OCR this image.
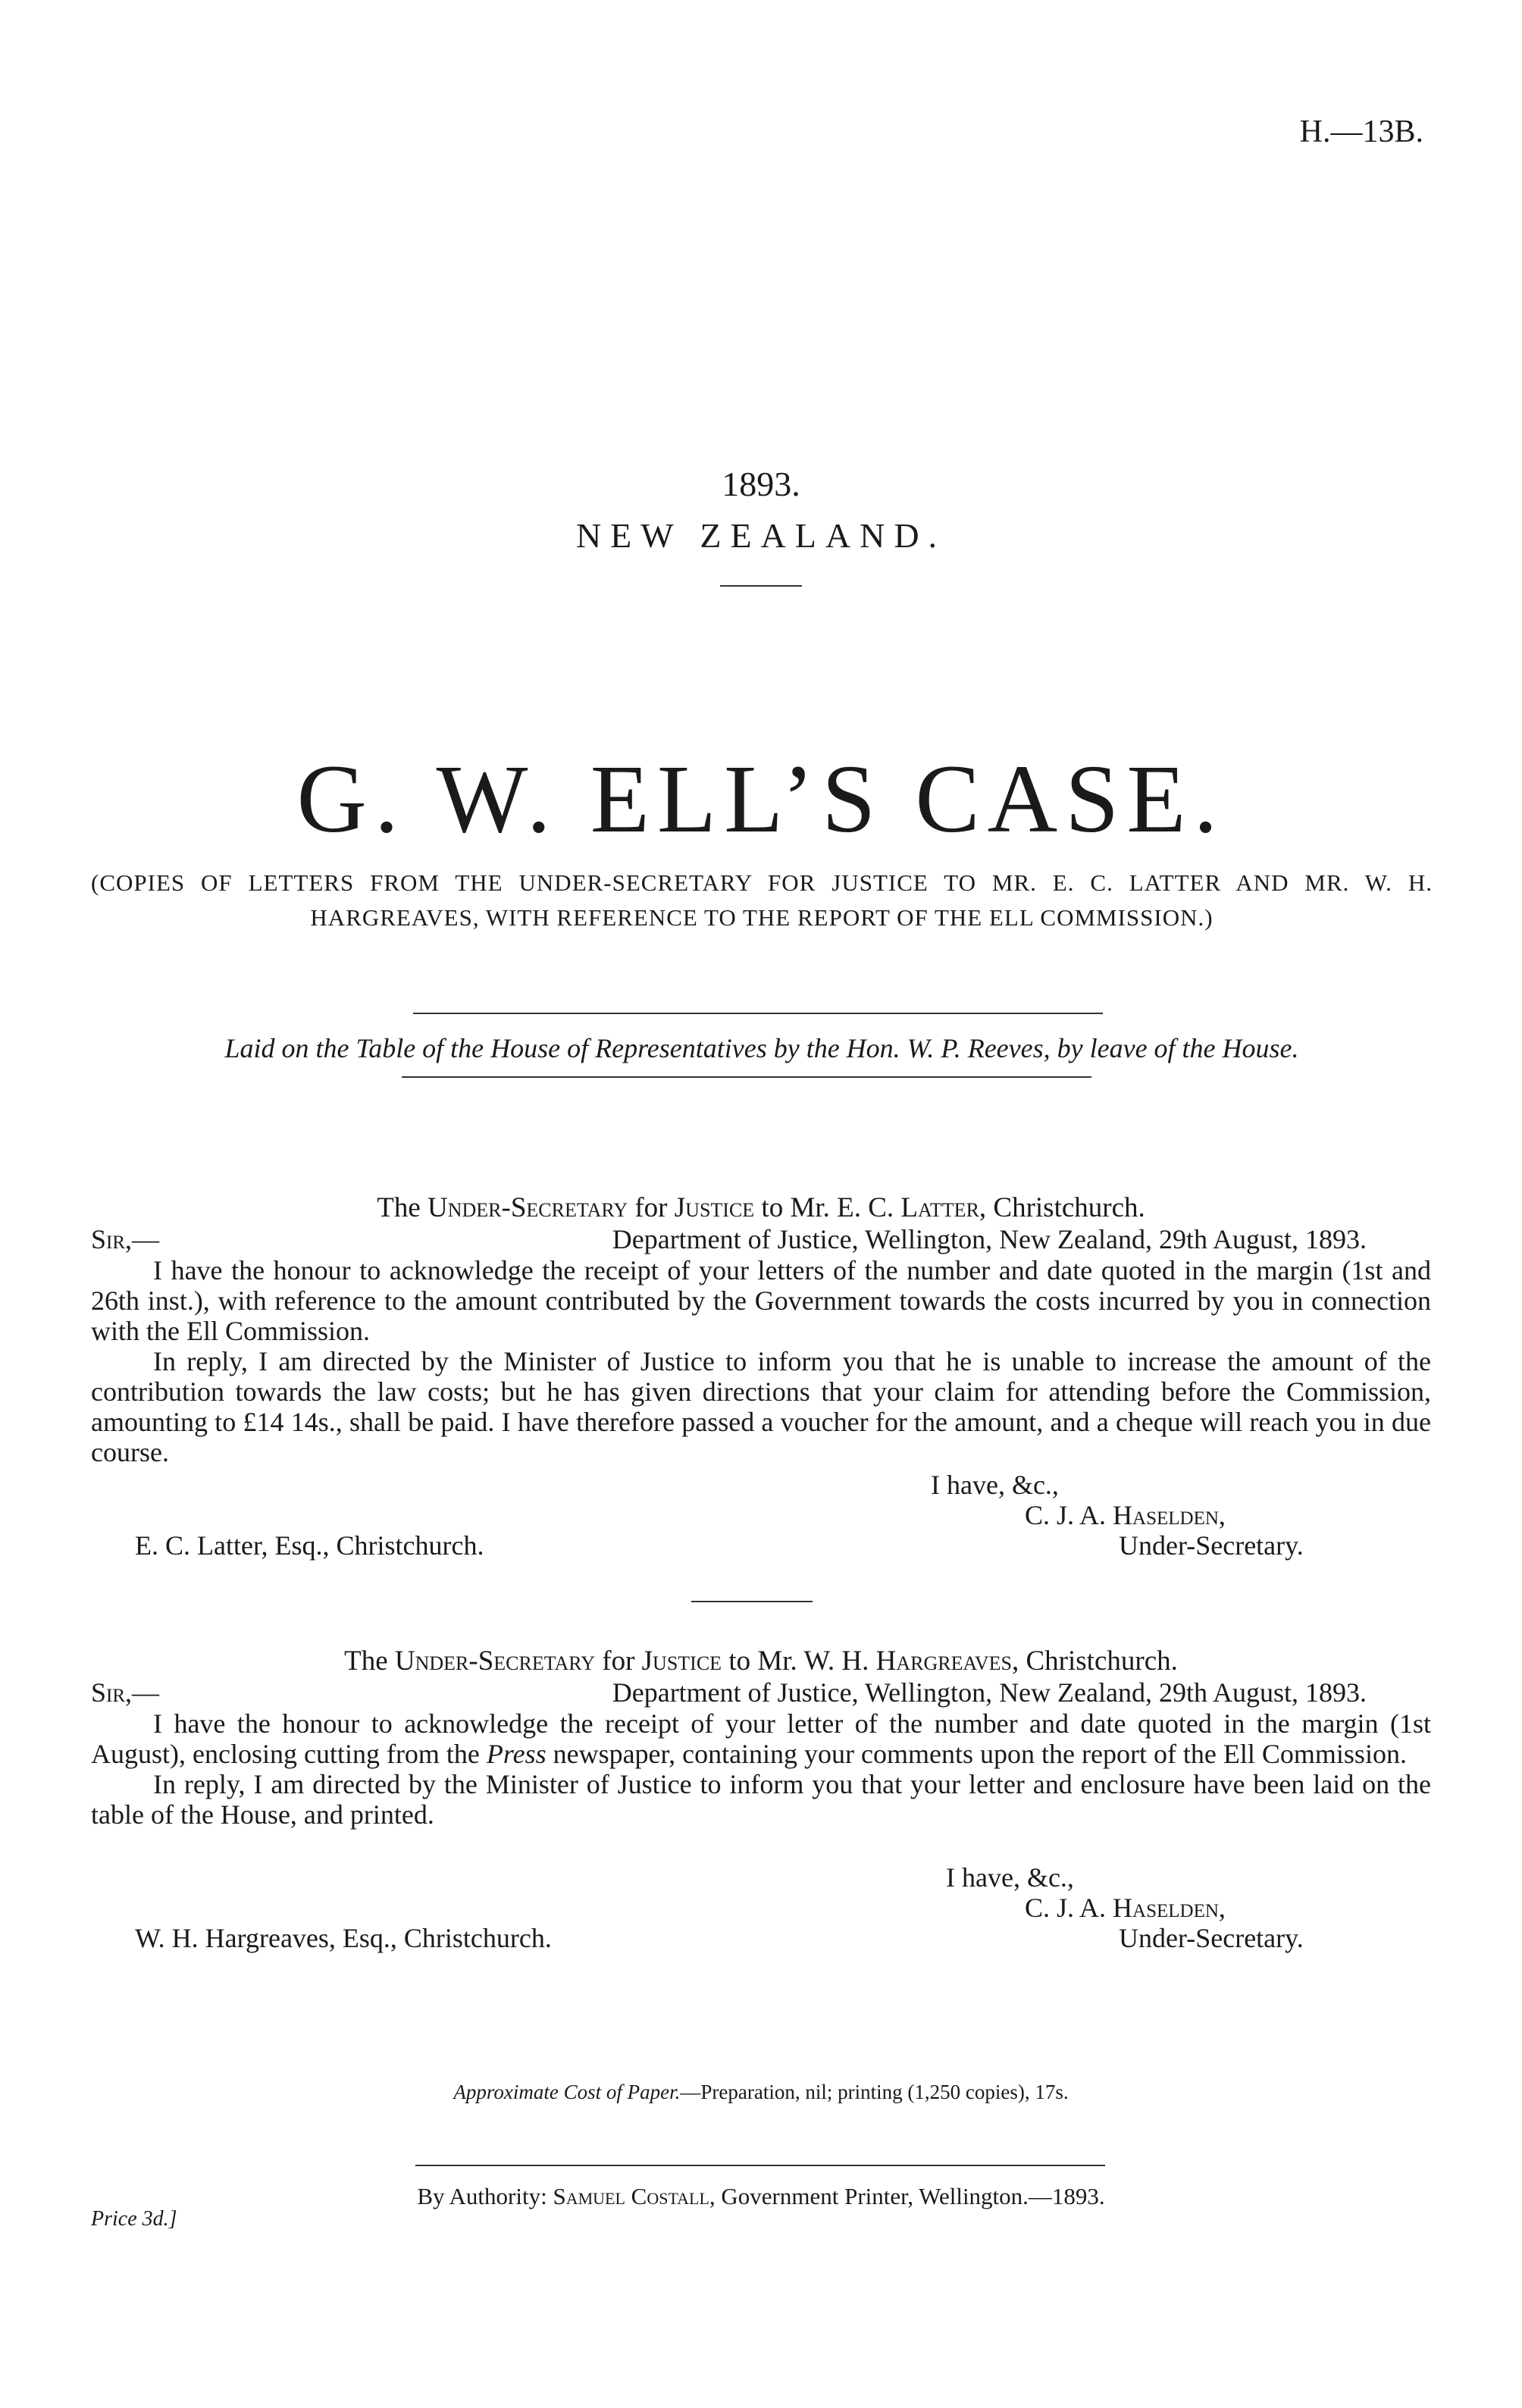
H.—13B.
1893.
NEW ZEALAND.
G. W. ELL’S CASE.
(COPIES OF LETTERS FROM THE UNDER-SECRETARY FOR JUSTICE TO MR. E. C. LATTER AND MR. W. H. HARGREAVES, WITH REFERENCE TO THE REPORT OF THE ELL COMMISSION.)
Laid on the Table of the House of Representatives by the Hon. W. P. Reeves, by leave of the House.
The Under-Secretary for Justice to Mr. E. C. Latter, Christchurch.
Sir,—	Department of Justice, Wellington, New Zealand, 29th August, 1893.

I have the honour to acknowledge the receipt of your letters of the number and date quoted in the margin (1st and 26th inst.), with reference to the amount contributed by the Government towards the costs incurred by you in connection with the Ell Commission.

In reply, I am directed by the Minister of Justice to inform you that he is unable to increase the amount of the contribution towards the law costs; but he has given directions that your claim for attending before the Commission, amounting to £14 14s., shall be paid. I have therefore passed a voucher for the amount, and a cheque will reach you in due course.

I have, &c.,
C. J. A. Haselden,
E. C. Latter, Esq., Christchurch.	Under-Secretary.
The Under-Secretary for Justice to Mr. W. H. Hargreaves, Christchurch.
Sir,—	Department of Justice, Wellington, New Zealand, 29th August, 1893.

I have the honour to acknowledge the receipt of your letter of the number and date quoted in the margin (1st August), enclosing cutting from the Press newspaper, containing your comments upon the report of the Ell Commission.

In reply, I am directed by the Minister of Justice to inform you that your letter and enclosure have been laid on the table of the House, and printed.

I have, &c.,
C. J. A. Haselden,
W. H. Hargreaves, Esq., Christchurch.	Under-Secretary.
Approximate Cost of Paper.—Preparation, nil; printing (1,250 copies), 17s.
By Authority: Samuel Costall, Government Printer, Wellington.—1893.
Price 3d.]
